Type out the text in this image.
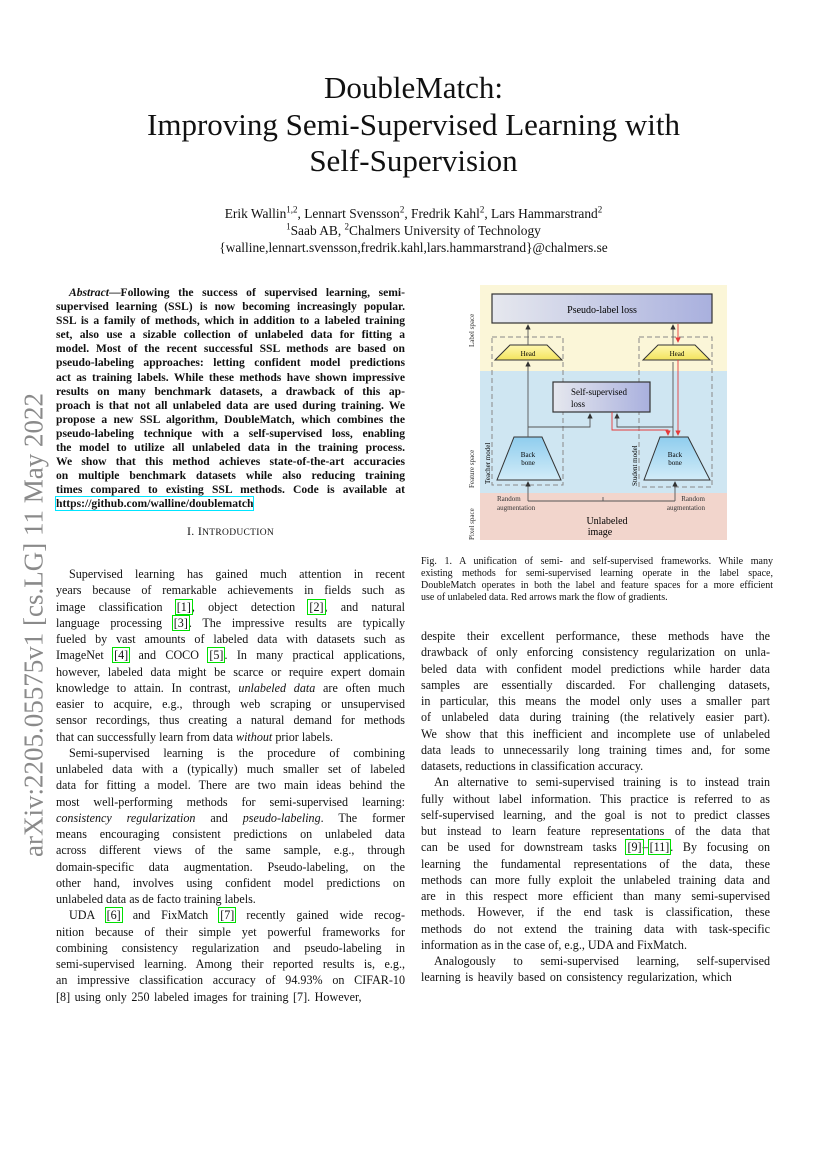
arXiv:2205.05575v1 [cs.LG] 11 May 2022
DoubleMatch:
Improving Semi-Supervised Learning with
Self-Supervision
Erik Wallin$^{1,2}$, Lennart Svensson$^2$, Fredrik Kahl$^2$, Lars Hammarstrand$^2$
$^1$Saab AB, $^2$Chalmers University of Technology
{walline,lennart.svensson,fredrik.kahl,lars.hammarstrand}@chalmers.se
Abstract—Following the success of supervised learning, semi-
supervised learning (SSL) is now becoming increasingly popular.
SSL is a family of methods, which in addition to a labeled training
set, also use a sizable collection of unlabeled data for fitting a
model. Most of the recent successful SSL methods are based on
pseudo-labeling approaches: letting confident model predictions
act as training labels. While these methods have shown impressive
results on many benchmark datasets, a drawback of this ap-
proach is that not all unlabeled data are used during training. We
propose a new SSL algorithm, DoubleMatch, which combines the
pseudo-labeling technique with a self-supervised loss, enabling
the model to utilize all unlabeled data in the training process.
We show that this method achieves state-of-the-art accuracies
on multiple benchmark datasets while also reducing training
times compared to existing SSL methods. Code is available at
https://github.com/walline/doublematch
I. INTRODUCTION
Supervised learning has gained much attention in recent
years because of remarkable achievements in fields such as
image classification [1], object detection [2], and natural
language processing [3]. The impressive results are typically
fueled by vast amounts of labeled data with datasets such as
ImageNet [4] and COCO [5]. In many practical applications,
however, labeled data might be scarce or require expert domain
knowledge to attain. In contrast, unlabeled data are often much
easier to acquire, e.g., through web scraping or unsupervised
sensor recordings, thus creating a natural demand for methods
that can successfully learn from data without prior labels.
Semi-supervised learning is the procedure of combining
unlabeled data with a (typically) much smaller set of labeled
data for fitting a model. There are two main ideas behind the
most well-performing methods for semi-supervised learning:
consistency regularization and pseudo-labeling. The former
means encouraging consistent predictions on unlabeled data
across different views of the same sample, e.g., through
domain-specific data augmentation. Pseudo-labeling, on the
other hand, involves using confident model predictions on
unlabeled data as de facto training labels.
UDA [6] and FixMatch [7] recently gained wide recog-
nition because of their simple yet powerful frameworks for
combining consistency regularization and pseudo-labeling in
semi-supervised learning. Among their reported results is, e.g.,
an impressive classification accuracy of 94.93% on CIFAR-10
[8] using only 250 labeled images for training [7]. However,
despite their excellent performance, these methods have the
drawback of only enforcing consistency regularization on unla-
beled data with confident model predictions while harder data
samples are essentially discarded. For challenging datasets,
in particular, this means the model only uses a smaller part
of unlabeled data during training (the relatively easier part).
We show that this inefficient and incomplete use of unlabeled
data leads to unnecessarily long training times and, for some
datasets, reductions in classification accuracy.
An alternative to semi-supervised training is to instead train
fully without label information. This practice is referred to as
self-supervised learning, and the goal is not to predict classes
but instead to learn feature representations of the data that
can be used for downstream tasks [9]–[11]. By focusing on
learning the fundamental representations of the data, these
methods can more fully exploit the unlabeled training data and
are in this respect more efficient than many semi-supervised
methods. However, if the end task is classification, these
methods do not extend the training data with task-specific
information as in the case of, e.g., UDA and FixMatch.
Analogously to semi-supervised learning, self-supervised
learning is heavily based on consistency regularization, which
Label space
Feature space
Pixel space
Pseudo-label loss
Teacher model	Student model
Head	Head
Self-supervised
loss
Back
bone
Back
bone
Random augmentation
Random augmentation
Unlabeled image
Fig. 1. A unification of semi- and self-supervised frameworks. While many
existing methods for semi-supervised learning operate in the label space,
DoubleMatch operates in both the label and feature spaces for a more efficient
use of unlabeled data. Red arrows mark the flow of gradients.
